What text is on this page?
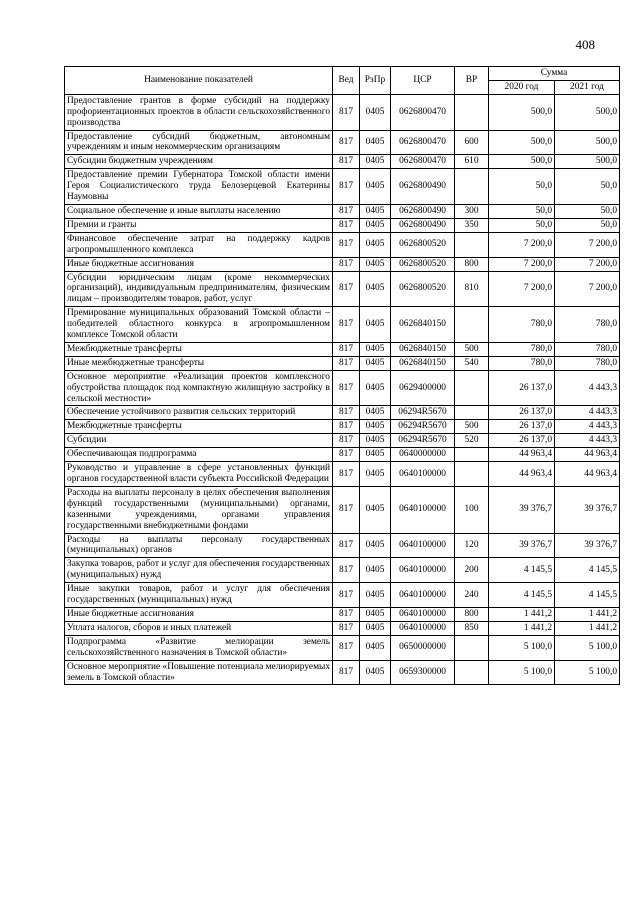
408
Наименование показателей	Вед	РзПр	ЦСР	ВР	Сумма	
					2020 год	2021 год
Предоставление грантов в форме субсидий на поддержку профориентационных проектов в области сельскохозяйственного производства	817	0405	0626800470		500,0	500,0
Предоставление субсидий бюджетным, автономным учреждениям и иным некоммерческим организациям	817	0405	0626800470	600	500,0	500,0
Субсидии бюджетным учреждениям	817	0405	0626800470	610	500,0	500,0
Предоставление премии Губернатора Томской области имени Героя Социалистического труда Белозерцевой Екатерины Наумовны	817	0405	0626800490		50,0	50,0
Социальное обеспечение и иные выплаты населению	817	0405	0626800490	300	50,0	50,0
Премии и гранты	817	0405	0626800490	350	50,0	50,0
Финансовое обеспечение затрат на поддержку кадров агропромышленного комплекса	817	0405	0626800520		7 200,0	7 200,0
Иные бюджетные ассигнования	817	0405	0626800520	800	7 200,0	7 200,0
Субсидии юридическим лицам (кроме некоммерческих организаций), индивидуальным предпринимателям, физическим лицам – производителям товаров, работ, услуг	817	0405	0626800520	810	7 200,0	7 200,0
Премирование муниципальных образований Томской области – победителей областного конкурса в агропромышленном комплексе Томской области	817	0405	0626840150		780,0	780,0
Межбюджетные трансферты	817	0405	0626840150	500	780,0	780,0
Иные межбюджетные трансферты	817	0405	0626840150	540	780,0	780,0
Основное мероприятие «Реализация проектов комплексного обустройства площадок под компактную жилищную застройку в сельской местности»	817	0405	0629400000		26 137,0	4 443,3
Обеспечение устойчивого развития сельских территорий	817	0405	06294R5670		26 137,0	4 443,3
Межбюджетные трансферты	817	0405	06294R5670	500	26 137,0	4 443,3
Субсидии	817	0405	06294R5670	520	26 137,0	4 443,3
Обеспечивающая подпрограмма	817	0405	0640000000		44 963,4	44 963,4
Руководство и управление в сфере установленных функций органов государственной власти субъекта Российской Федерации	817	0405	0640100000		44 963,4	44 963,4
Расходы на выплаты персоналу в целях обеспечения выполнения функций государственными (муниципальными) органами, казенными учреждениями, органами управления государственными внебюджетными фондами	817	0405	0640100000	100	39 376,7	39 376,7
Расходы на выплаты персоналу государственных (муниципальных) органов	817	0405	0640100000	120	39 376,7	39 376,7
Закупка товаров, работ и услуг для обеспечения государственных (муниципальных) нужд	817	0405	0640100000	200	4 145,5	4 145,5
Иные закупки товаров, работ и услуг для обеспечения государственных (муниципальных) нужд	817	0405	0640100000	240	4 145,5	4 145,5
Иные бюджетные ассигнования	817	0405	0640100000	800	1 441,2	1 441,2
Уплата налогов, сборов и иных платежей	817	0405	0640100000	850	1 441,2	1 441,2
Подпрограмма «Развитие мелиорации земель сельскохозяйственного назначения в Томской области»	817	0405	0650000000		5 100,0	5 100,0
Основное мероприятие «Повышение потенциала мелиорируемых земель в Томской области»	817	0405	0659300000		5 100,0	5 100,0
